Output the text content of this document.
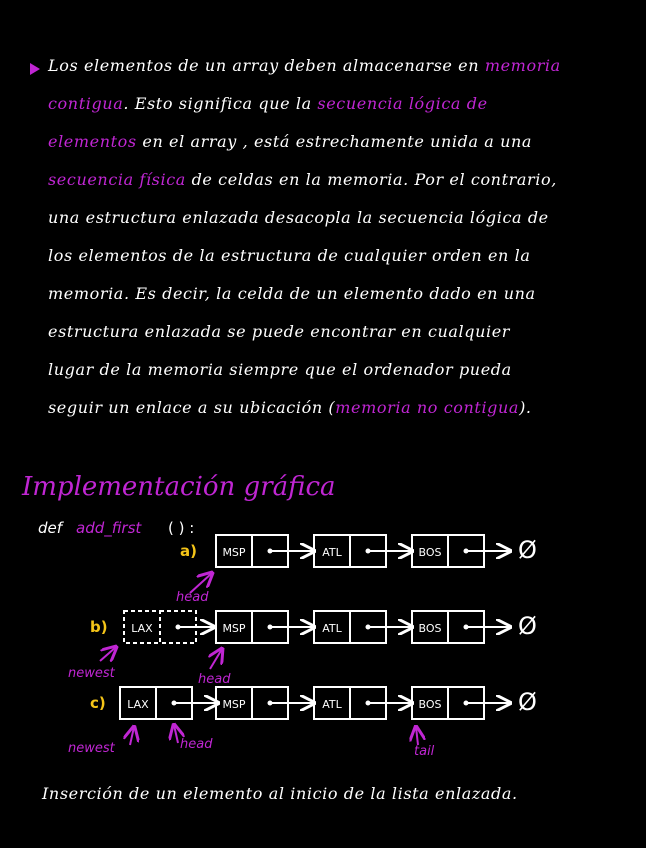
Los elementos de un array deben almacenarse en memoria
contigua. Esto significa que la secuencia lógica de
elementos en el array , está estrechamente unida a una
secuencia física de celdas en la memoria. Por el contrario,
una estructura enlazada desacopla la secuencia lógica de
los elementos de la estructura de cualquier orden en la
memoria. Es decir, la celda de un elemento dado en una
estructura enlazada se puede encontrar en cualquier
lugar de la memoria siempre que el ordenador pueda
seguir un enlace a su ubicación (memoria no contigua).
Implementación gráfica
def add_first ( ) :
a) MSP	ATL	BOS	Ø
head
b) LAX	MSP	ATL	BOS	Ø
newest	head
c) LAX	MSP	ATL	BOS	Ø
newest	head	tail
Inserción de un elemento al inicio de la lista enlazada.
